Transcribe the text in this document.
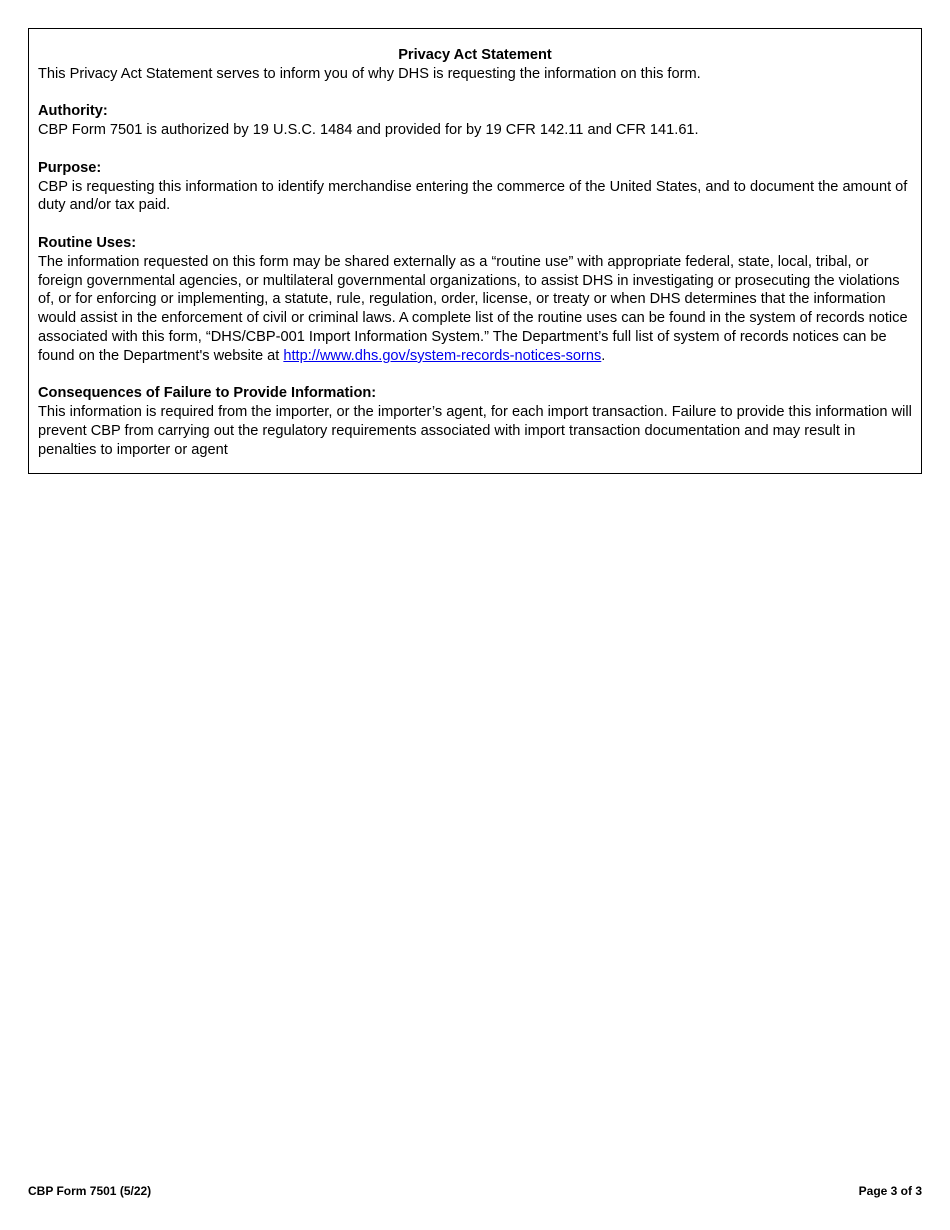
Privacy Act Statement

This Privacy Act Statement serves to inform you of why DHS is requesting the information on this form.

Authority:

CBP Form 7501 is authorized by 19 U.S.C. 1484 and provided for by 19 CFR 142.11 and CFR 141.61.

Purpose:

CBP is requesting this information to identify merchandise entering the commerce of the United States, and to document the amount of duty and/or tax paid.

Routine Uses:

The information requested on this form may be shared externally as a “routine use” with appropriate federal, state, local, tribal, or foreign governmental agencies, or multilateral governmental organizations, to assist DHS in investigating or prosecuting the violations of, or for enforcing or implementing, a statute, rule, regulation, order, license, or treaty or when DHS determines that the information would assist in the enforcement of civil or criminal laws. A complete list of the routine uses can be found in the system of records notice associated with this form, “DHS/CBP-001 Import Information System.” The Department’s full list of system of records notices can be found on the Department's website at http://www.dhs.gov/system-records-notices-sorns.

Consequences of Failure to Provide Information:

This information is required from the importer, or the importer’s agent, for each import transaction. Failure to provide this information will prevent CBP from carrying out the regulatory requirements associated with import transaction documentation and may result in penalties to importer or agent

CBP Form 7501 (5/22)	Page 3 of 3
